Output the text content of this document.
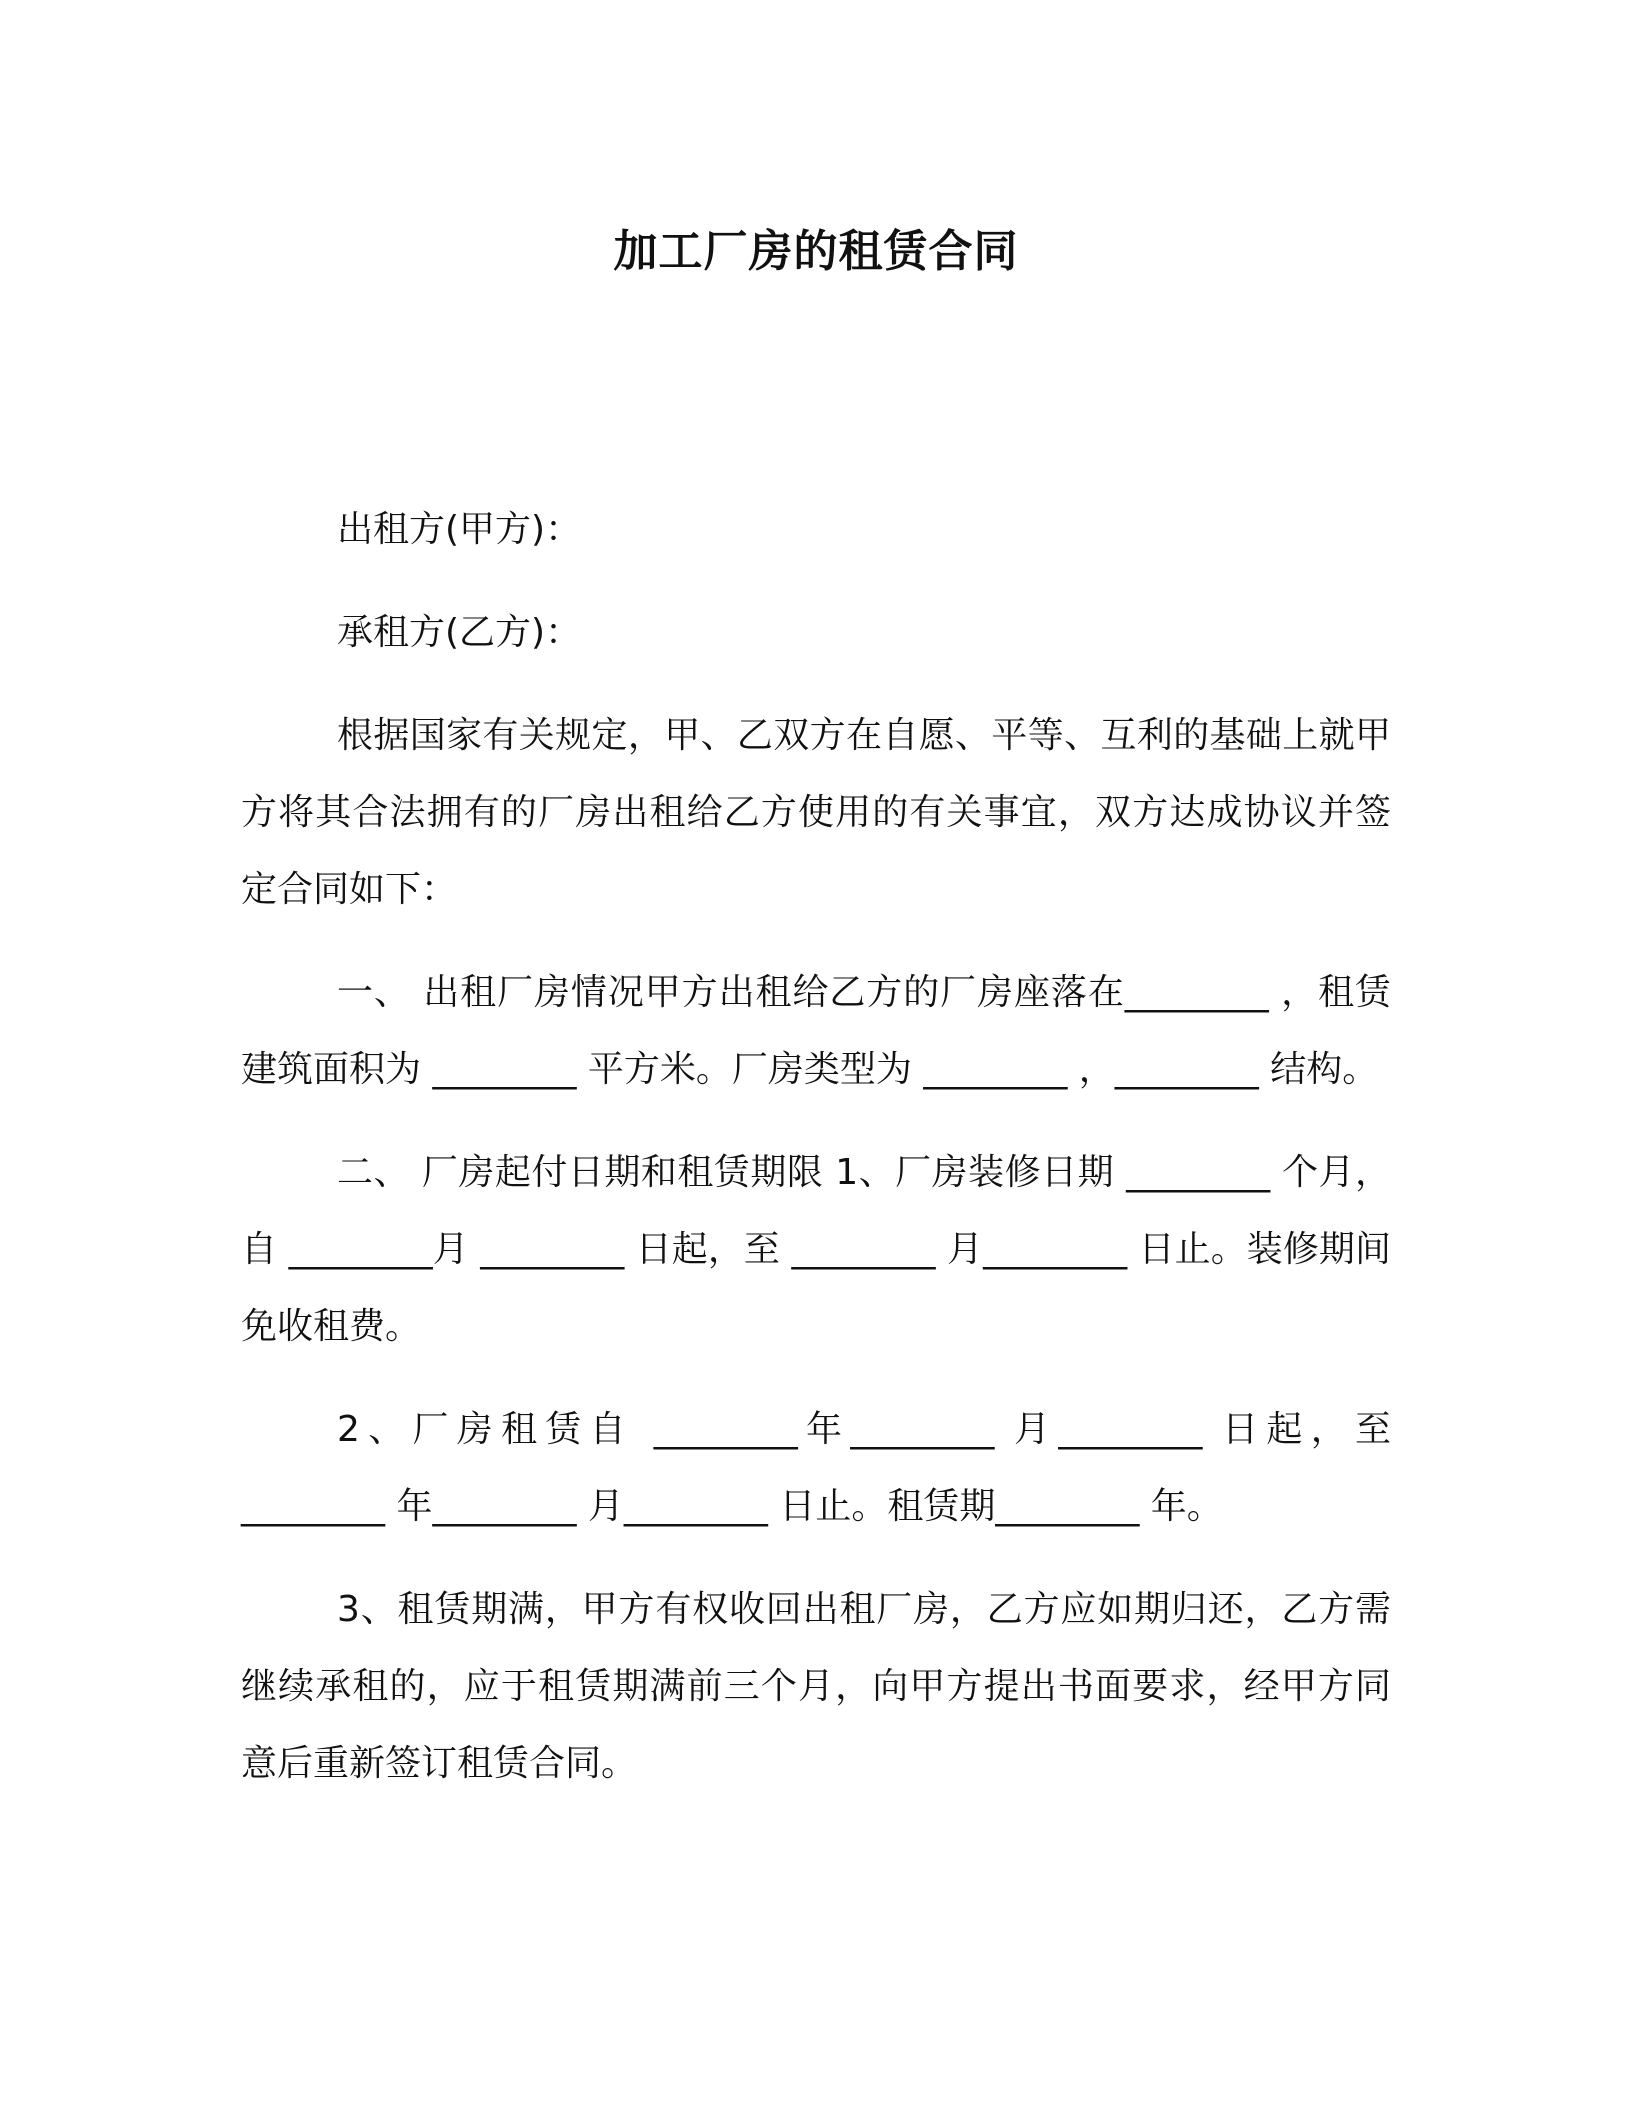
加工厂房的租赁合同

出租方(甲方)：

承租方(乙方)：

根据国家有关规定，甲、乙双方在自愿、平等、互利的基础上就甲方将其合法拥有的厂房出租给乙方使用的有关事宜，双方达成协议并签定合同如下：

一、 出租厂房情况甲方出租给乙方的厂房座落在________ ，租赁建筑面积为 ________ 平方米。厂房类型为 ________ ，________ 结构。

二、 厂房起付日期和租赁期限 1、厂房装修日期 ________ 个月，自 ________月 ________ 日起，至 ________ 月________ 日止。装修期间免收租费。

2、厂房租赁自 ________年________ 月________ 日起，至 ________ 年________ 月________ 日止。租赁期________ 年。

3、租赁期满，甲方有权收回出租厂房，乙方应如期归还，乙方需继续承租的，应于租赁期满前三个月，向甲方提出书面要求，经甲方同意后重新签订租赁合同。
